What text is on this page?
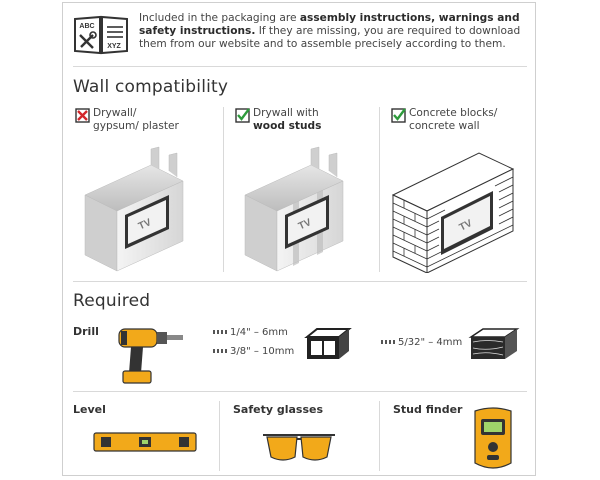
ABC
XYZ
Included in the packaging are assembly instructions, warnings and safety instructions. If they are missing, you are required to download them from our website and to assemble precisely according to them.
Wall compatibility
Drywall/
gypsum/ plaster
TV
Drywall with
wood studs
TV
Concrete blocks/
concrete wall
TV
Required
Drill	1/4" – 6mm
3/8" – 10mm
5/32" – 4mm
Level	Safety glasses	Stud finder
